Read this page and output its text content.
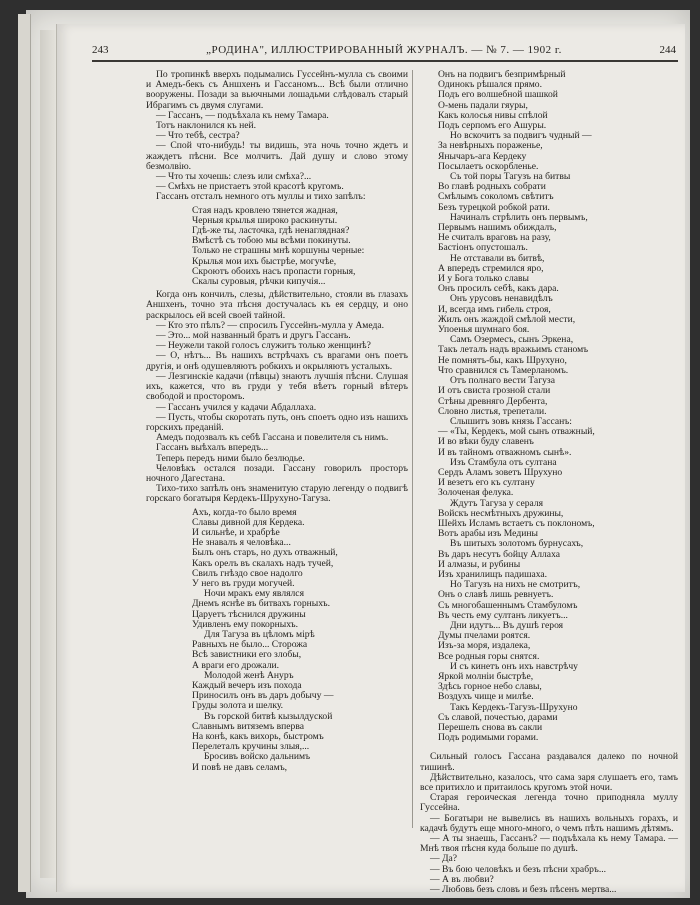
243	„РОДИНА", ИЛЛЮСТРИРОВАННЫЙ ЖУРНАЛЪ. — № 7. — 1902 г.	244

По тропинкѣ вверхъ подымались Гуссейнъ-мулла съ своими и Амедъ-бекъ съ Аншхенъ и Гассаномъ... Всѣ были отлично вооружены. Позади за вьючными лошадьми слѣдовалъ старый Ибрагимъ съ двумя слугами.

— Гассанъ, — подъѣхала къ нему Тамара.

Тотъ наклонился къ ней.

— Что тебѣ, сестра?

— Спой что-нибудь! ты видишь, эта ночь точно ждетъ и жаждетъ пѣсни. Все молчитъ. Дай душу и слово этому безмолвію.

— Что ты хочешь: слезъ или смѣха?...

— Смѣхъ не пристаетъ этой красотѣ кругомъ.

Гассанъ отсталъ немного отъ муллы и тихо запѣлъ:

Стая надъ кровлею тянется жадная,
Черныя крылья широко раскинуты.
Гдѣ-же ты, ласточка, гдѣ ненаглядная?
Вмѣстѣ съ тобою мы всѣми покинуты.
Только не страшны мнѣ коршуны черные:
Крылья мои ихъ быстрѣе, могучѣе,
Скроютъ обоихъ насъ пропасти горныя,
Скалы суровыя, рѣчки кипучія...

Когда онъ кончилъ, слезы, дѣйствительно, стояли въ глазахъ Аншхенъ, точно эта пѣсня достучалась къ ея сердцу, и оно раскрылось ей всей своей тайной.

— Кто это пѣлъ? — спросилъ Гуссейнъ-мулла у Амеда.

— Это... мой названный братъ и другъ Гассанъ.

— Неужели такой голосъ служитъ только женщинѣ?

— О, нѣтъ... Въ нашихъ встрѣчахъ съ врагами онъ поетъ другія, и онѣ одушевляютъ робкихъ и окрыляютъ усталыхъ.

— Лезгинскіе кадачи (пѣвцы) знаютъ лучшія пѣсни. Слушая ихъ, кажется, что въ груди у тебя вѣетъ горный вѣтеръ свободой и просторомъ.

— Гассанъ учился у кадачи Абдаллаха.

— Пусть, чтобы скоротать путь, онъ споетъ одно изъ нашихъ горскихъ преданій.

Амедъ подозвалъ къ себѣ Гассана и повелителя съ нимъ.

Гассанъ выѣхалъ впередъ...

Теперь передъ ними было безлюдье.

Человѣкъ остался позади. Гассану говорилъ просторъ ночного Дагестана.

Тихо-тихо запѣлъ онъ знаменитую старую легенду о подвигѣ горскаго богатыря Кердекъ-Шрухуно-Тагуза.

Ахъ, когда-то было время
Славы дивной для Кердека.
И сильнѣе, и храбрѣе
Не знавалъ я человѣка...
Былъ онъ старъ, но духъ отважный,
Какъ орелъ въ скалахъ надъ тучей,
Свилъ гнѣздо свое надолго
У него въ груди могучей.
Ночи мракъ ему являлся
Днемъ яснѣе въ битвахъ горныхъ.
Царуетъ тѣснился дружины
Удивленъ ему покорныхъ.
Для Тагуза въ цѣломъ мірѣ
Равныхъ не было... Сторожа
Всѣ завистники его злобы,
А враги его дрожали.
Молодой женѣ Ануръ
Каждый вечеръ изъ похода
Приносилъ онъ въ даръ добычу —
Груды золота и шелку.
Въ горской битвѣ кызылдуской
Славнымъ витяземъ вперва
На конѣ, какъ вихорь, быстромъ
Перелеталъ кручины злыя,...
Бросивъ войско дальнимъ
И повѣ не давъ селамъ,
Онъ на подвигъ безпримѣрный
Одинокъ рѣшался прямо.
Подъ его волшебной шашкой
О-мень падали гяуры,
Какъ колосья нивы спѣлой
Подъ серпомъ его Ашуры.
Но вскочитъ за подвигъ чудный —
За невѣрныхъ пораженье,
Янычаръ-ага Кердеку
Посылаетъ оскорбленье.
Съ той поры Тагузъ на битвы
Во главѣ родныхъ собрати
Смѣлымъ соколомъ свѣтитъ
Безъ турецкой робкой рати.
Начиналъ стрѣлить онъ первымъ,
Первымъ нашимъ обиждалъ,
Не считалъ враговъ на разу,
Бастіонъ опустошалъ.
Не отставали въ битвѣ,
А впередъ стремился яро,
И у Бога только славы
Онъ просилъ себѣ, какъ дара.
Онъ урусовъ ненавидѣлъ
И, всегда имъ гибель строя,
Жилъ онъ жаждой смѣлой мести,
Упоенья шумнаго боя.
Самъ Озермесъ, сынъ Эркена,
Такъ леталъ надъ вражьимъ станомъ
Не помнятъ-бы, какъ Шрухуно,
Что сравнился съ Тамерланомъ.
Отъ полнаго вести Тагуза
И отъ свиста грозной стали
Стѣны древняго Дербента,
Словно листья, трепетали.
Слышитъ зовъ князь Гассанъ:
— «Ты, Кердекъ, мой сынъ отважный,
И во вѣки буду славенъ
И въ тайномъ отважномъ сынѣ».
Изъ Стамбула отъ султана
Сердъ Аламъ зоветъ Шрухуно
И везетъ его къ султану
Золоченая фелука.
Ждутъ Тагуза у сераля
Войскъ несмѣтныхъ дружины,
Шейхъ Исламъ встаетъ съ поклономъ,
Вотъ арабы изъ Медины
Въ шитыхъ золотомъ бурнусахъ,
Въ даръ несутъ бойцу Аллаха
И алмазы, и рубины
Изъ хранилищъ падишаха.
Но Тагузъ на нихъ не смотритъ,
Онъ о славѣ лишь ревнуетъ.
Съ многобашеннымъ Стамбуломъ
Въ честь ему султанъ ликуетъ...
Дни идутъ... Въ душѣ героя
Думы пчелами роятся.
Изъ-за моря, издалека,
Все родныя горы снятся.
И съ кинетъ онъ ихъ навстрѣчу
Яркой молніи быстрѣе,
Здѣсь горное небо славы,
Воздухъ чище и милѣе.
Такъ Кердекъ-Тагузъ-Шрухуно
Съ славой, почестью, дарами
Перешелъ снова въ сакли
Подъ родимыми горами.

Сильный голосъ Гассана раздавался далеко по ночной тишинѣ.

Дѣйствительно, казалось, что сама заря слушаетъ его, тамъ все притихло и притаилось кругомъ этой ночи.

Старая героическая легенда точно приподняла муллу Гуссейна.

— Богатыри не вывелись въ нашихъ вольныхъ горахъ, и кадачѣ будутъ еще много-много, о чемъ пѣть нашимъ дѣтямъ.

— А ты знаешь, Гассанъ? — подъѣхала къ нему Тамара. — Мнѣ твоя пѣсня куда больше по душѣ.

— Да?

— Въ бою человѣкъ и безъ пѣсни храбръ...

— А въ любви?

— Любовь безъ словъ и безъ пѣсенъ мертва...
